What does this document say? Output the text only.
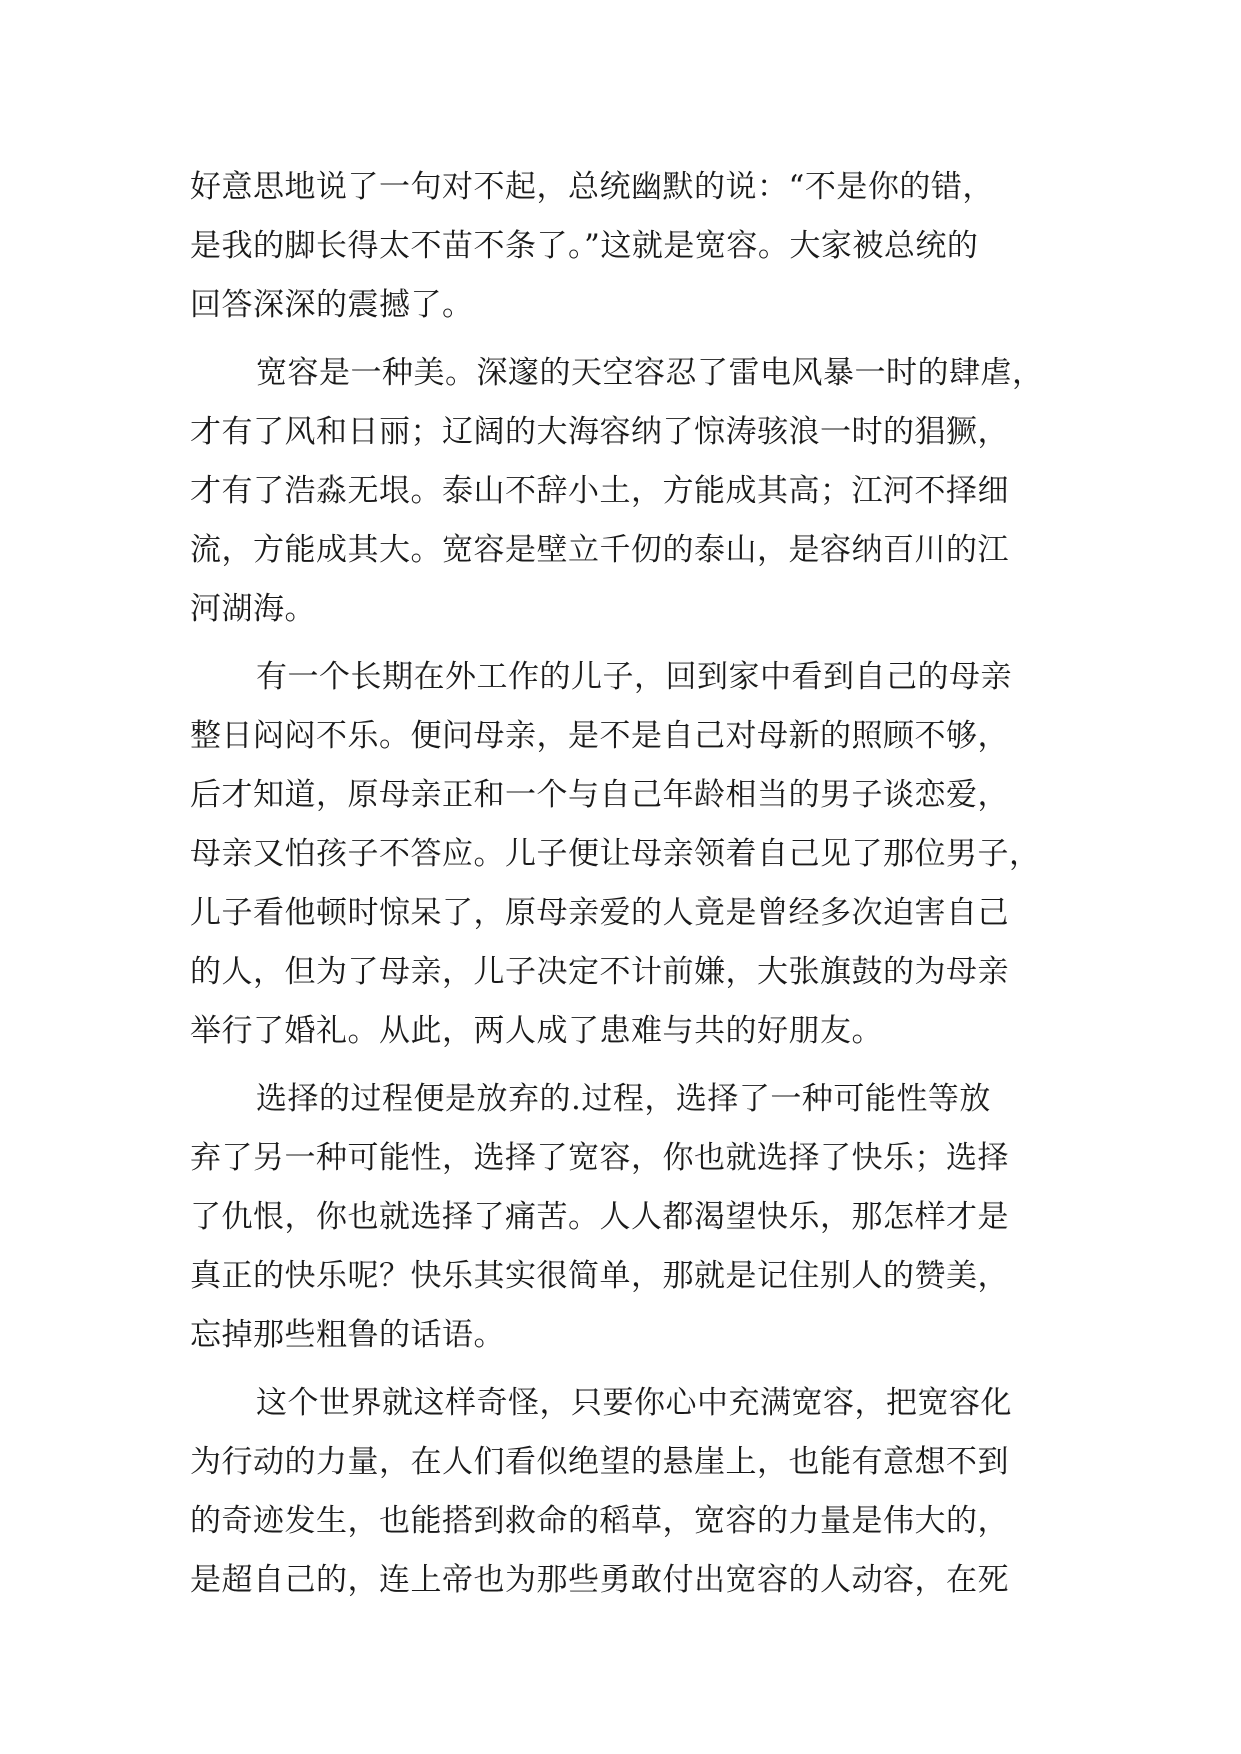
好意思地说了一句对不起，总统幽默的说：“不是你的错，
是我的脚长得太不苗不条了。”这就是宽容。大家被总统的
回答深深的震撼了。
宽容是一种美。深邃的天空容忍了雷电风暴一时的肆虐，
才有了风和日丽；辽阔的大海容纳了惊涛骇浪一时的猖獗，
才有了浩淼无垠。泰山不辞小土，方能成其高；江河不择细
流，方能成其大。宽容是壁立千仞的泰山，是容纳百川的江
河湖海。
有一个长期在外工作的儿子，回到家中看到自己的母亲
整日闷闷不乐。便问母亲，是不是自己对母新的照顾不够，
后才知道，原母亲正和一个与自己年龄相当的男子谈恋爱，
母亲又怕孩子不答应。儿子便让母亲领着自己见了那位男子，
儿子看他顿时惊呆了，原母亲爱的人竟是曾经多次迫害自己
的人，但为了母亲，儿子决定不计前嫌，大张旗鼓的为母亲
举行了婚礼。从此，两人成了患难与共的好朋友。
选择的过程便是放弃的.过程，选择了一种可能性等放
弃了另一种可能性，选择了宽容，你也就选择了快乐；选择
了仇恨，你也就选择了痛苦。人人都渴望快乐，那怎样才是
真正的快乐呢？快乐其实很简单，那就是记住别人的赞美，
忘掉那些粗鲁的话语。
这个世界就这样奇怪，只要你心中充满宽容，把宽容化
为行动的力量，在人们看似绝望的悬崖上，也能有意想不到
的奇迹发生，也能搭到救命的稻草，宽容的力量是伟大的，
是超自己的，连上帝也为那些勇敢付出宽容的人动容，在死
